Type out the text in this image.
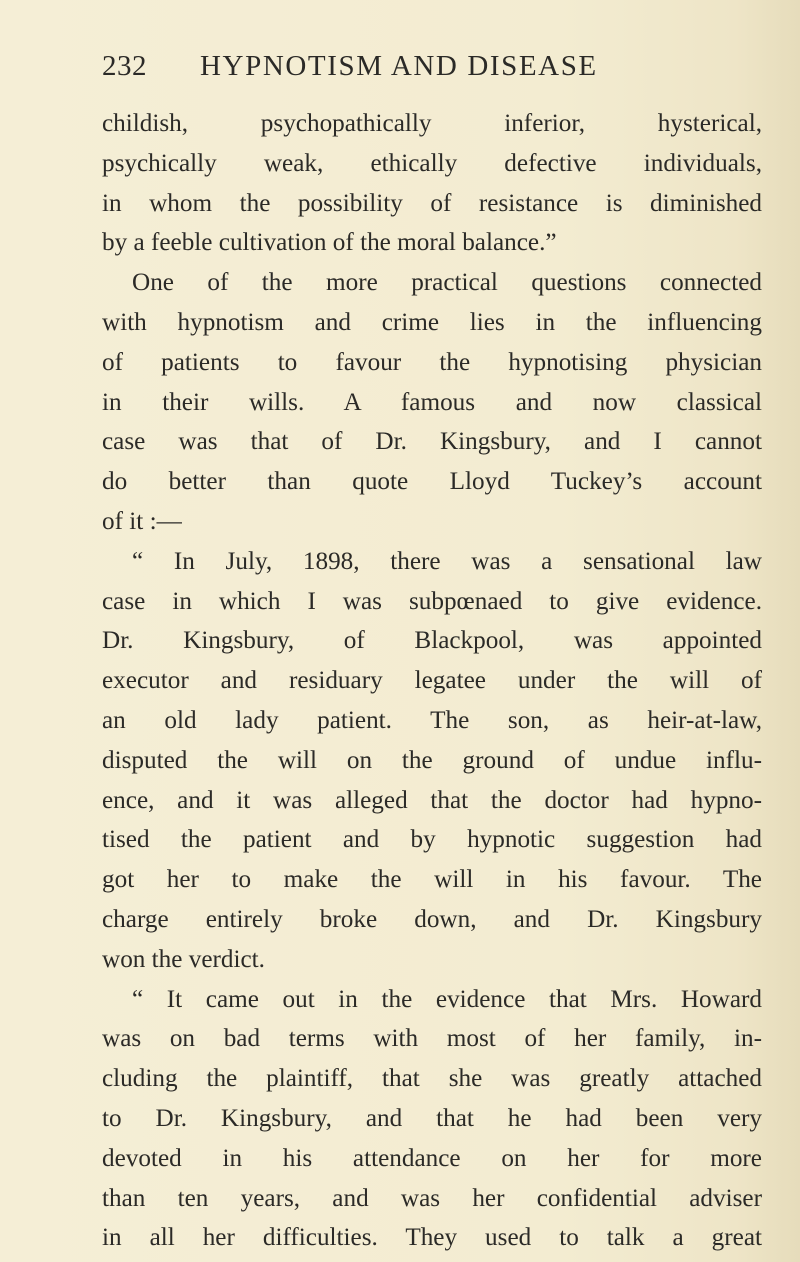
232 HYPNOTISM AND DISEASE
childish, psychopathically inferior, hysterical,
psychically weak, ethically defective individuals,
in whom the possibility of resistance is diminished
by a feeble cultivation of the moral balance.”
One of the more practical questions connected
with hypnotism and crime lies in the influencing
of patients to favour the hypnotising physician
in their wills. A famous and now classical
case was that of Dr. Kingsbury, and I cannot
do better than quote Lloyd Tuckey’s account
of it :—
“ In July, 1898, there was a sensational law
case in which I was subpœnaed to give evidence.
Dr. Kingsbury, of Blackpool, was appointed
executor and residuary legatee under the will of
an old lady patient. The son, as heir-at-law,
disputed the will on the ground of undue influ-
ence, and it was alleged that the doctor had hypno-
tised the patient and by hypnotic suggestion had
got her to make the will in his favour. The
charge entirely broke down, and Dr. Kingsbury
won the verdict.
“ It came out in the evidence that Mrs. Howard
was on bad terms with most of her family, in-
cluding the plaintiff, that she was greatly attached
to Dr. Kingsbury, and that he had been very
devoted in his attendance on her for more
than ten years, and was her confidential adviser
in all her difficulties. They used to talk a great
